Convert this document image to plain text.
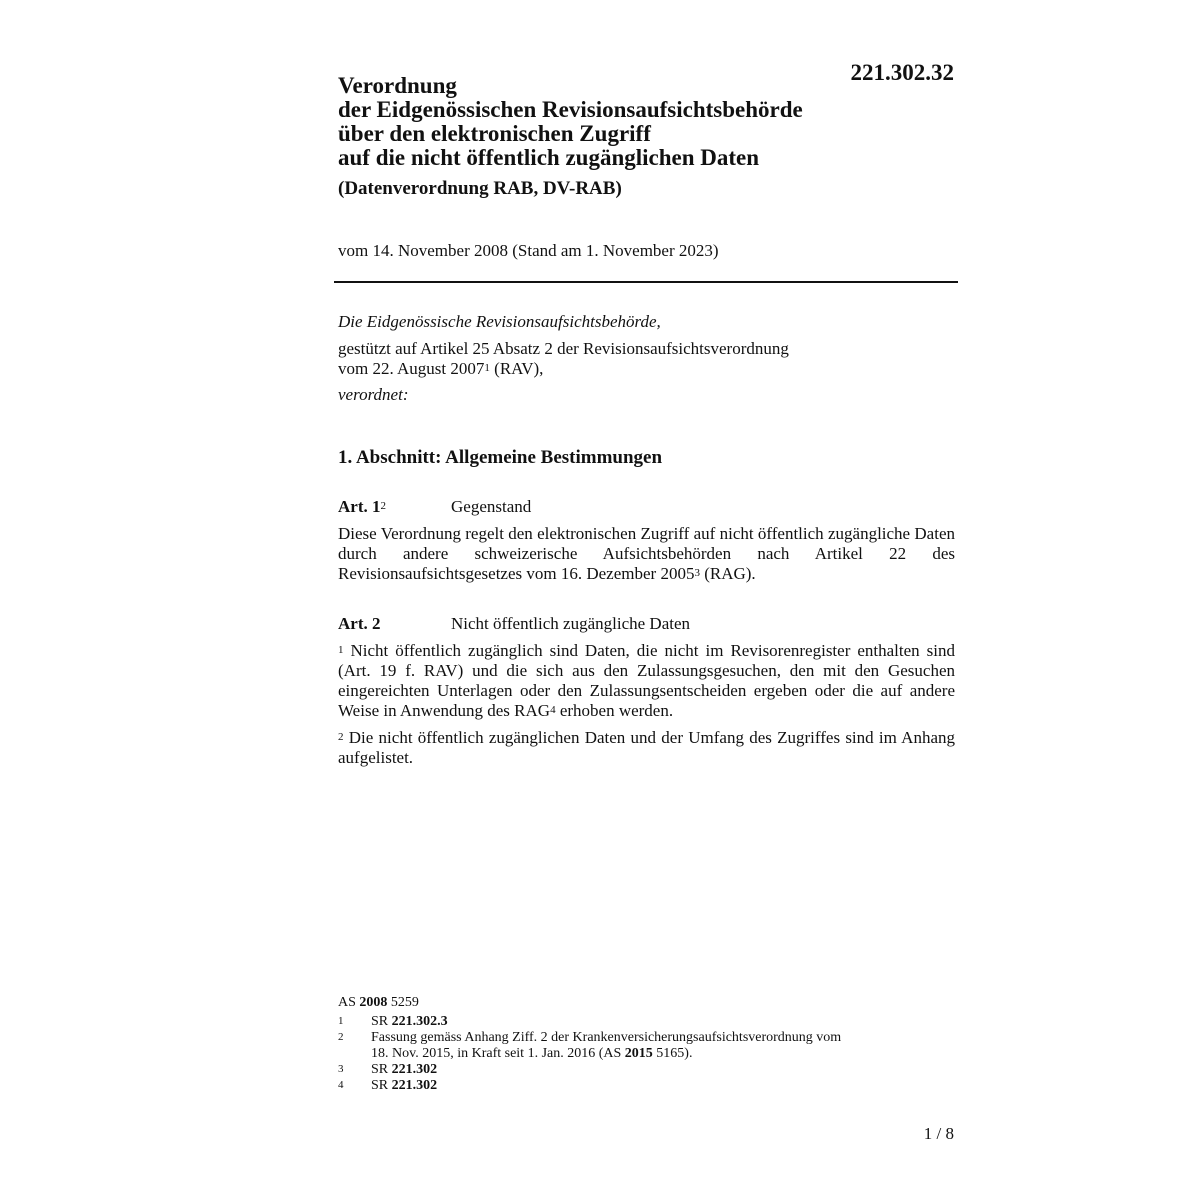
221.302.32
Verordnung
der Eidgenössischen Revisionsaufsichtsbehörde
über den elektronischen Zugriff
auf die nicht öffentlich zugänglichen Daten
(Datenverordnung RAB, DV-RAB)
vom 14. November 2008 (Stand am 1. November 2023)
Die Eidgenössische Revisionsaufsichtsbehörde,
gestützt auf Artikel 25 Absatz 2 der Revisionsaufsichtsverordnung
vom 22. August 2007$^1$ (RAV),
verordnet:
1. Abschnitt: Allgemeine Bestimmungen
Art. $1^2$	Gegenstand

Diese Verordnung regelt den elektronischen Zugriff auf nicht öffentlich zugängliche Daten durch andere schweizerische Aufsichtsbehörden nach Artikel 22 des Revisionsaufsichtsgesetzes vom 16. Dezember 2005$^3$ (RAG).

Art. 2	Nicht öffentlich zugängliche Daten

$^1$ Nicht öffentlich zugänglich sind Daten, die nicht im Revisorenregister enthalten sind (Art. 19 f. RAV) und die sich aus den Zulassungsgesuchen, den mit den Gesuchen eingereichten Unterlagen oder den Zulassungsentscheiden ergeben oder die auf andere Weise in Anwendung des RAG$^4$ erhoben werden.

$^2$ Die nicht öffentlich zugänglichen Daten und der Umfang des Zugriffes sind im Anhang aufgelistet.

AS 2008 5259
1	SR 221.302.3
2	Fassung gemäss Anhang Ziff. 2 der Krankenversicherungsaufsichtsverordnung vom
18. Nov. 2015, in Kraft seit 1. Jan. 2016 (AS 2015 5165).
3	SR 221.302
4	SR 221.302
1 / 8
